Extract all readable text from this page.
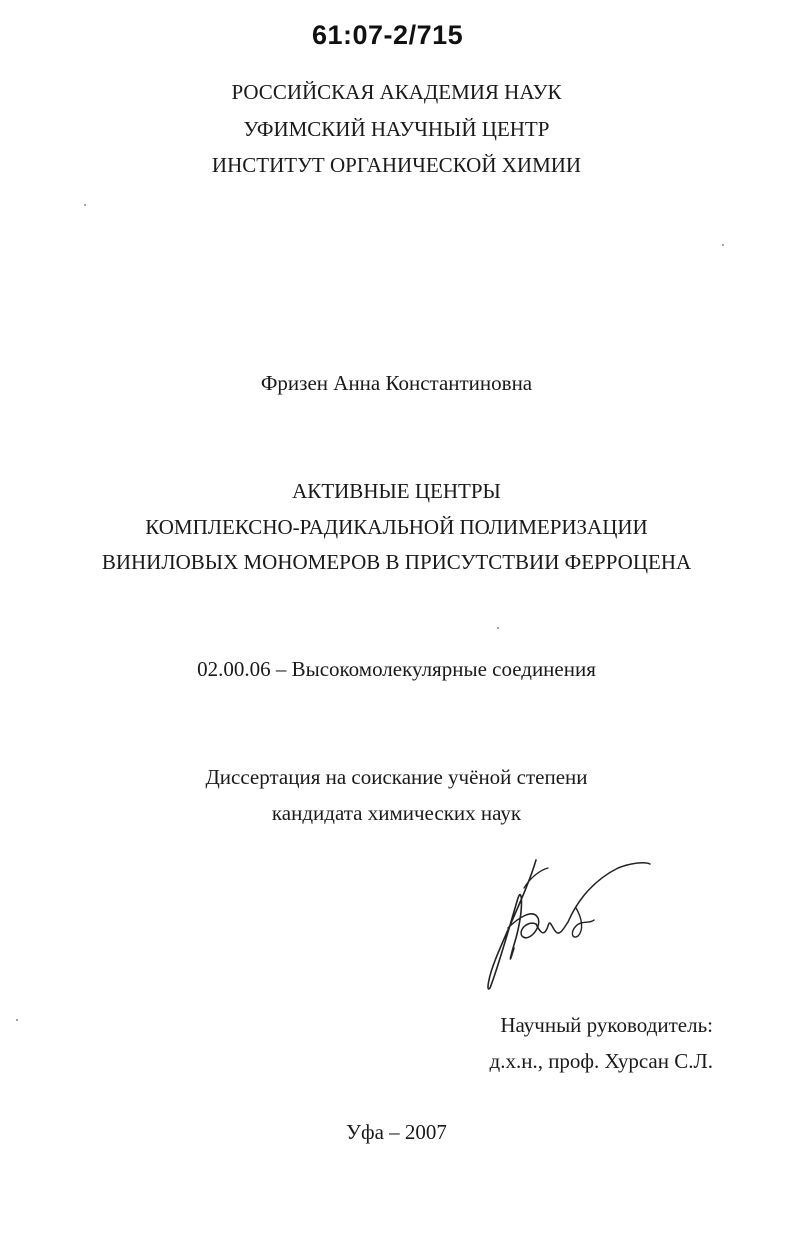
61:07-2/715
РОССИЙСКАЯ АКАДЕМИЯ НАУК
УФИМСКИЙ НАУЧНЫЙ ЦЕНТР
ИНСТИТУТ ОРГАНИЧЕСКОЙ ХИМИИ
Фризен Анна Константиновна
АКТИВНЫЕ ЦЕНТРЫ
КОМПЛЕКСНО-РАДИКАЛЬНОЙ ПОЛИМЕРИЗАЦИИ
ВИНИЛОВЫХ МОНОМЕРОВ В ПРИСУТСТВИИ ФЕРРОЦЕНА
02.00.06 – Высокомолекулярные соединения
Диссертация на соискание учёной степени
кандидата химических наук
Научный руководитель:
д.х.н., проф. Хурсан С.Л.
Уфа – 2007
